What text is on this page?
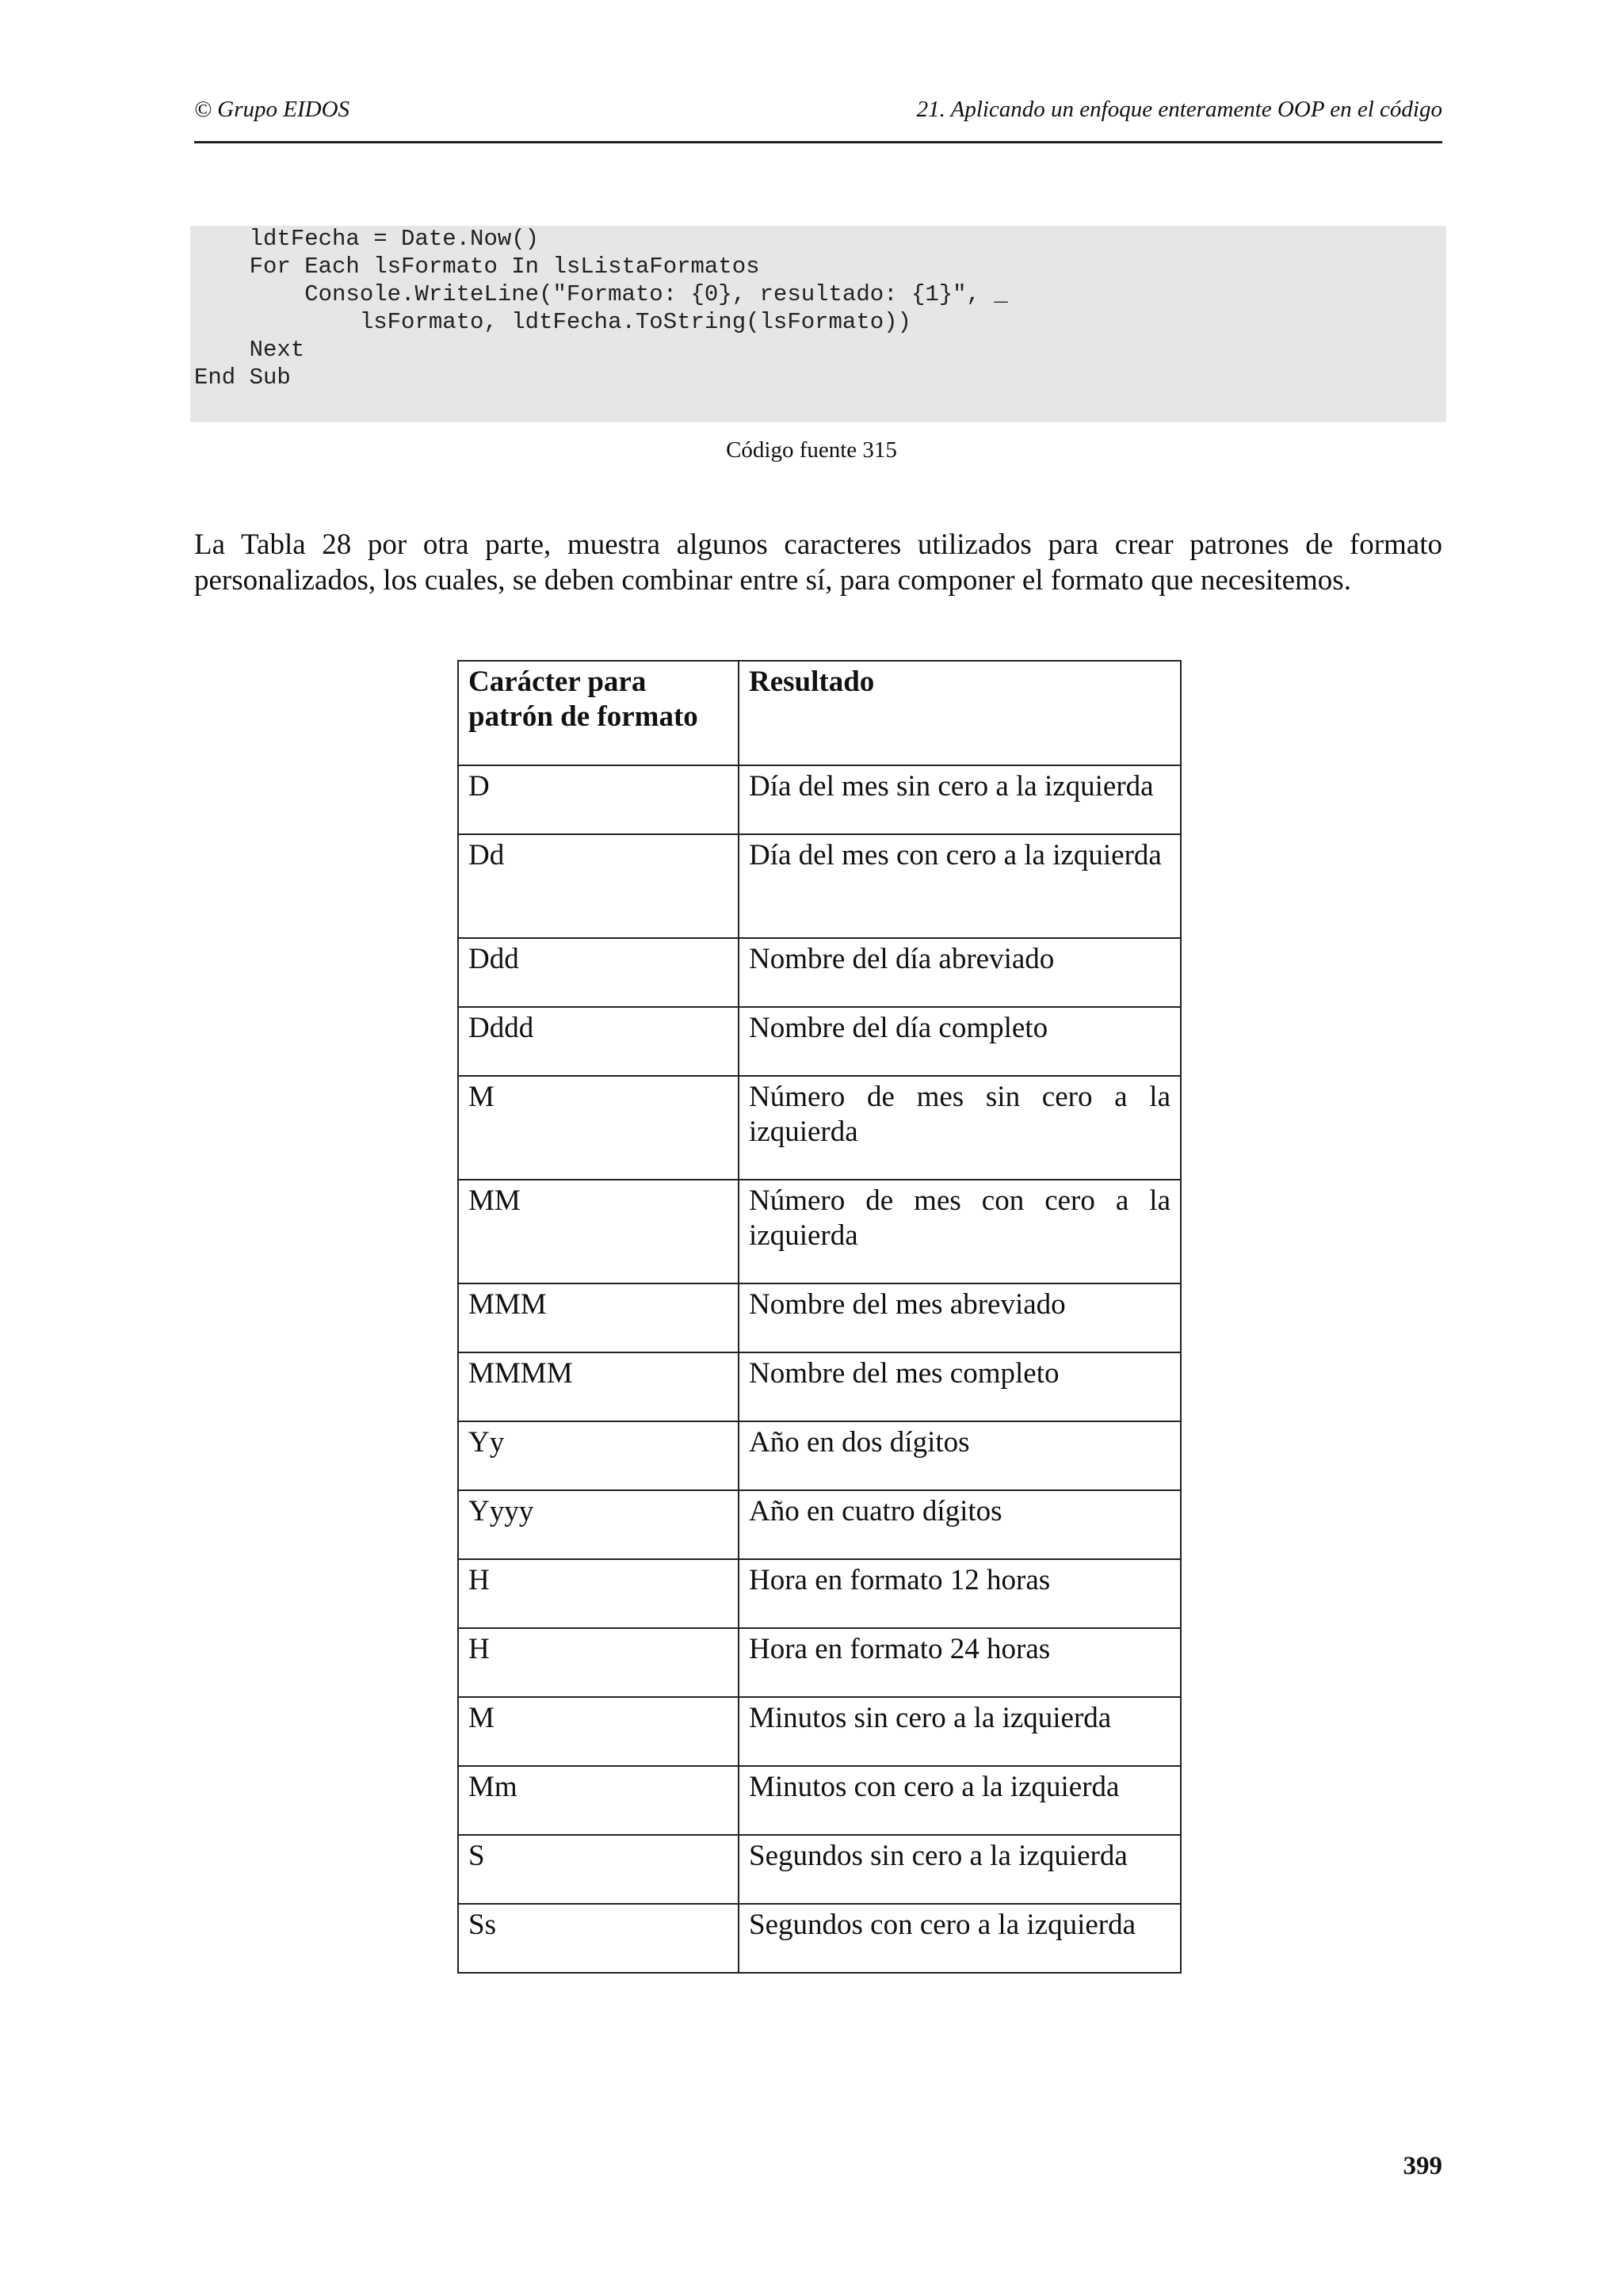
© Grupo EIDOS	21. Aplicando un enfoque enteramente OOP en el código
ldtFecha = Date.Now()
For Each lsFormato In lsListaFormatos
Console.WriteLine("Formato: {0}, resultado: {1}", _
lsFormato, ldtFecha.ToString(lsFormato))
Next
End Sub
Código fuente 315

La Tabla 28 por otra parte, muestra algunos caracteres utilizados para crear patrones de formato personalizados, los cuales, se deben combinar entre sí, para componer el formato que necesitemos.

Carácter para patrón de formato	Resultado
D	Día del mes sin cero a la izquierda
Dd	Día del mes con cero a la izquierda
Ddd	Nombre del día abreviado
Dddd	Nombre del día completo
M	Número de mes sin cero a la izquierda
MM	Número de mes con cero a la izquierda
MMM	Nombre del mes abreviado
MMMM	Nombre del mes completo
Yy	Año en dos dígitos
Yyyy	Año en cuatro dígitos
H	Hora en formato 12 horas
H	Hora en formato 24 horas
M	Minutos sin cero a la izquierda
Mm	Minutos con cero a la izquierda
S	Segundos sin cero a la izquierda
Ss	Segundos con cero a la izquierda
399
